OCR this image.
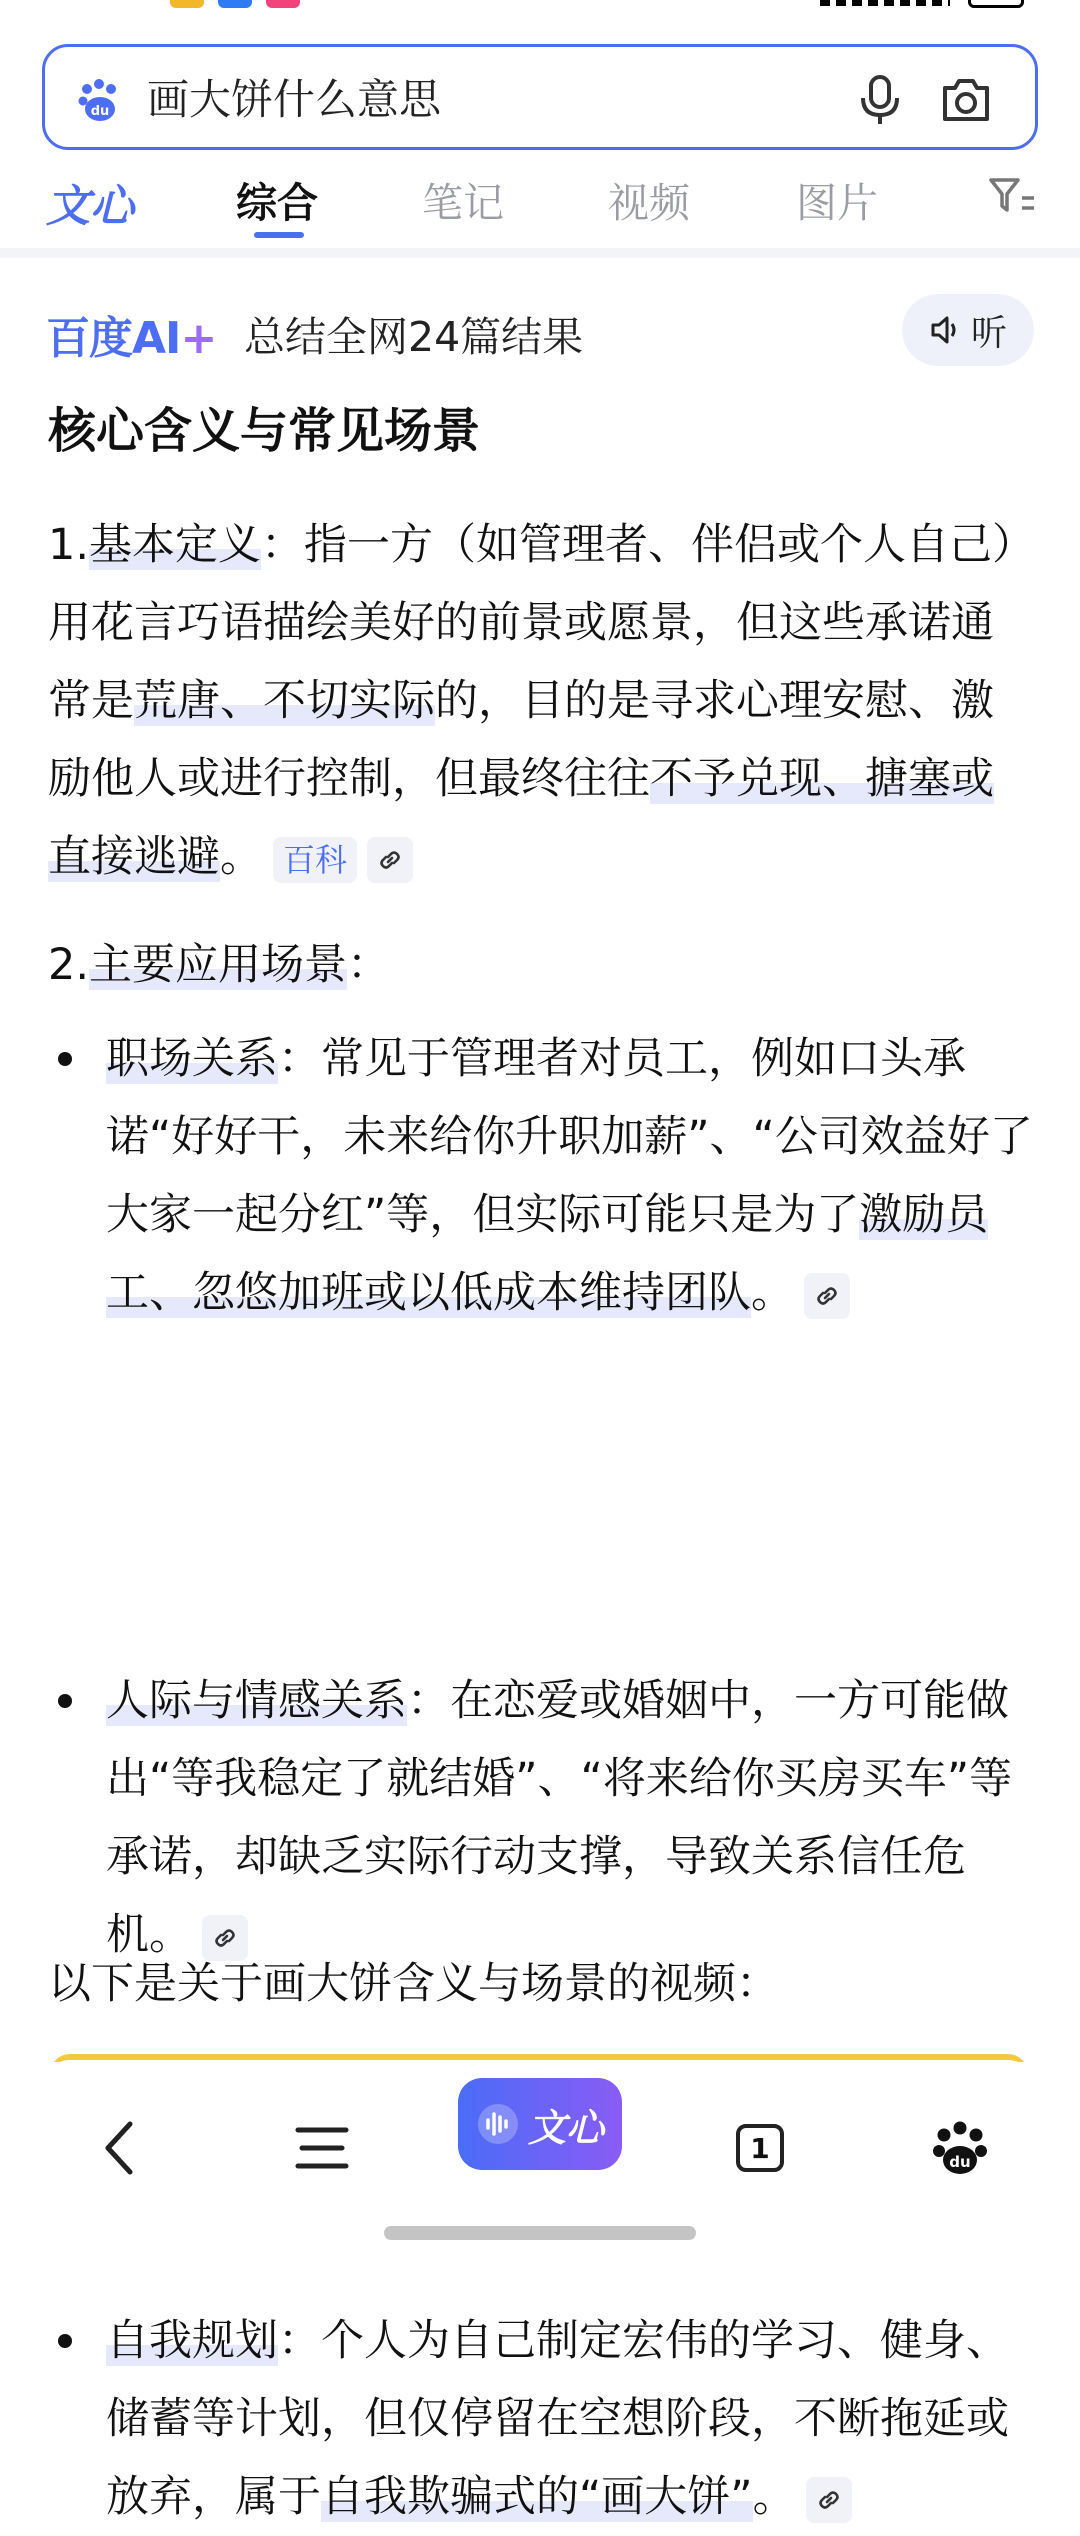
du
画大饼什么意思
文心 综合	笔记	视频	图片
百度AI+ 总结全网24篇结果	听
核心含义与常见场景
1.基本定义：指一方（如管理者、伴侣或个人自己）用花言巧语描绘美好的前景或愿景，但这些承诺通常是荒唐、不切实际的，目的是寻求心理安慰、激励他人或进行控制，但最终往往不予兑现、搪塞或直接逃避。 百科
2.主要应用场景：
职场关系：常见于管理者对员工，例如口头承诺“好好干，未来给你升职加薪”、“公司效益好了大家一起分红”等，但实际可能只是为了激励员工、忽悠加班或以低成本维持团队。
人际与情感关系：在恋爱或婚姻中，一方可能做出“等我稳定了就结婚”、“将来给你买房买车”等承诺，却缺乏实际行动支撑，导致关系信任危机。
自我规划：个人为自己制定宏伟的学习、健身、储蓄等计划，但仅停留在空想阶段，不断拖延或放弃，属于自我欺骗式的“画大饼”。
以下是关于画大饼含义与场景的视频：
文心	1	du
